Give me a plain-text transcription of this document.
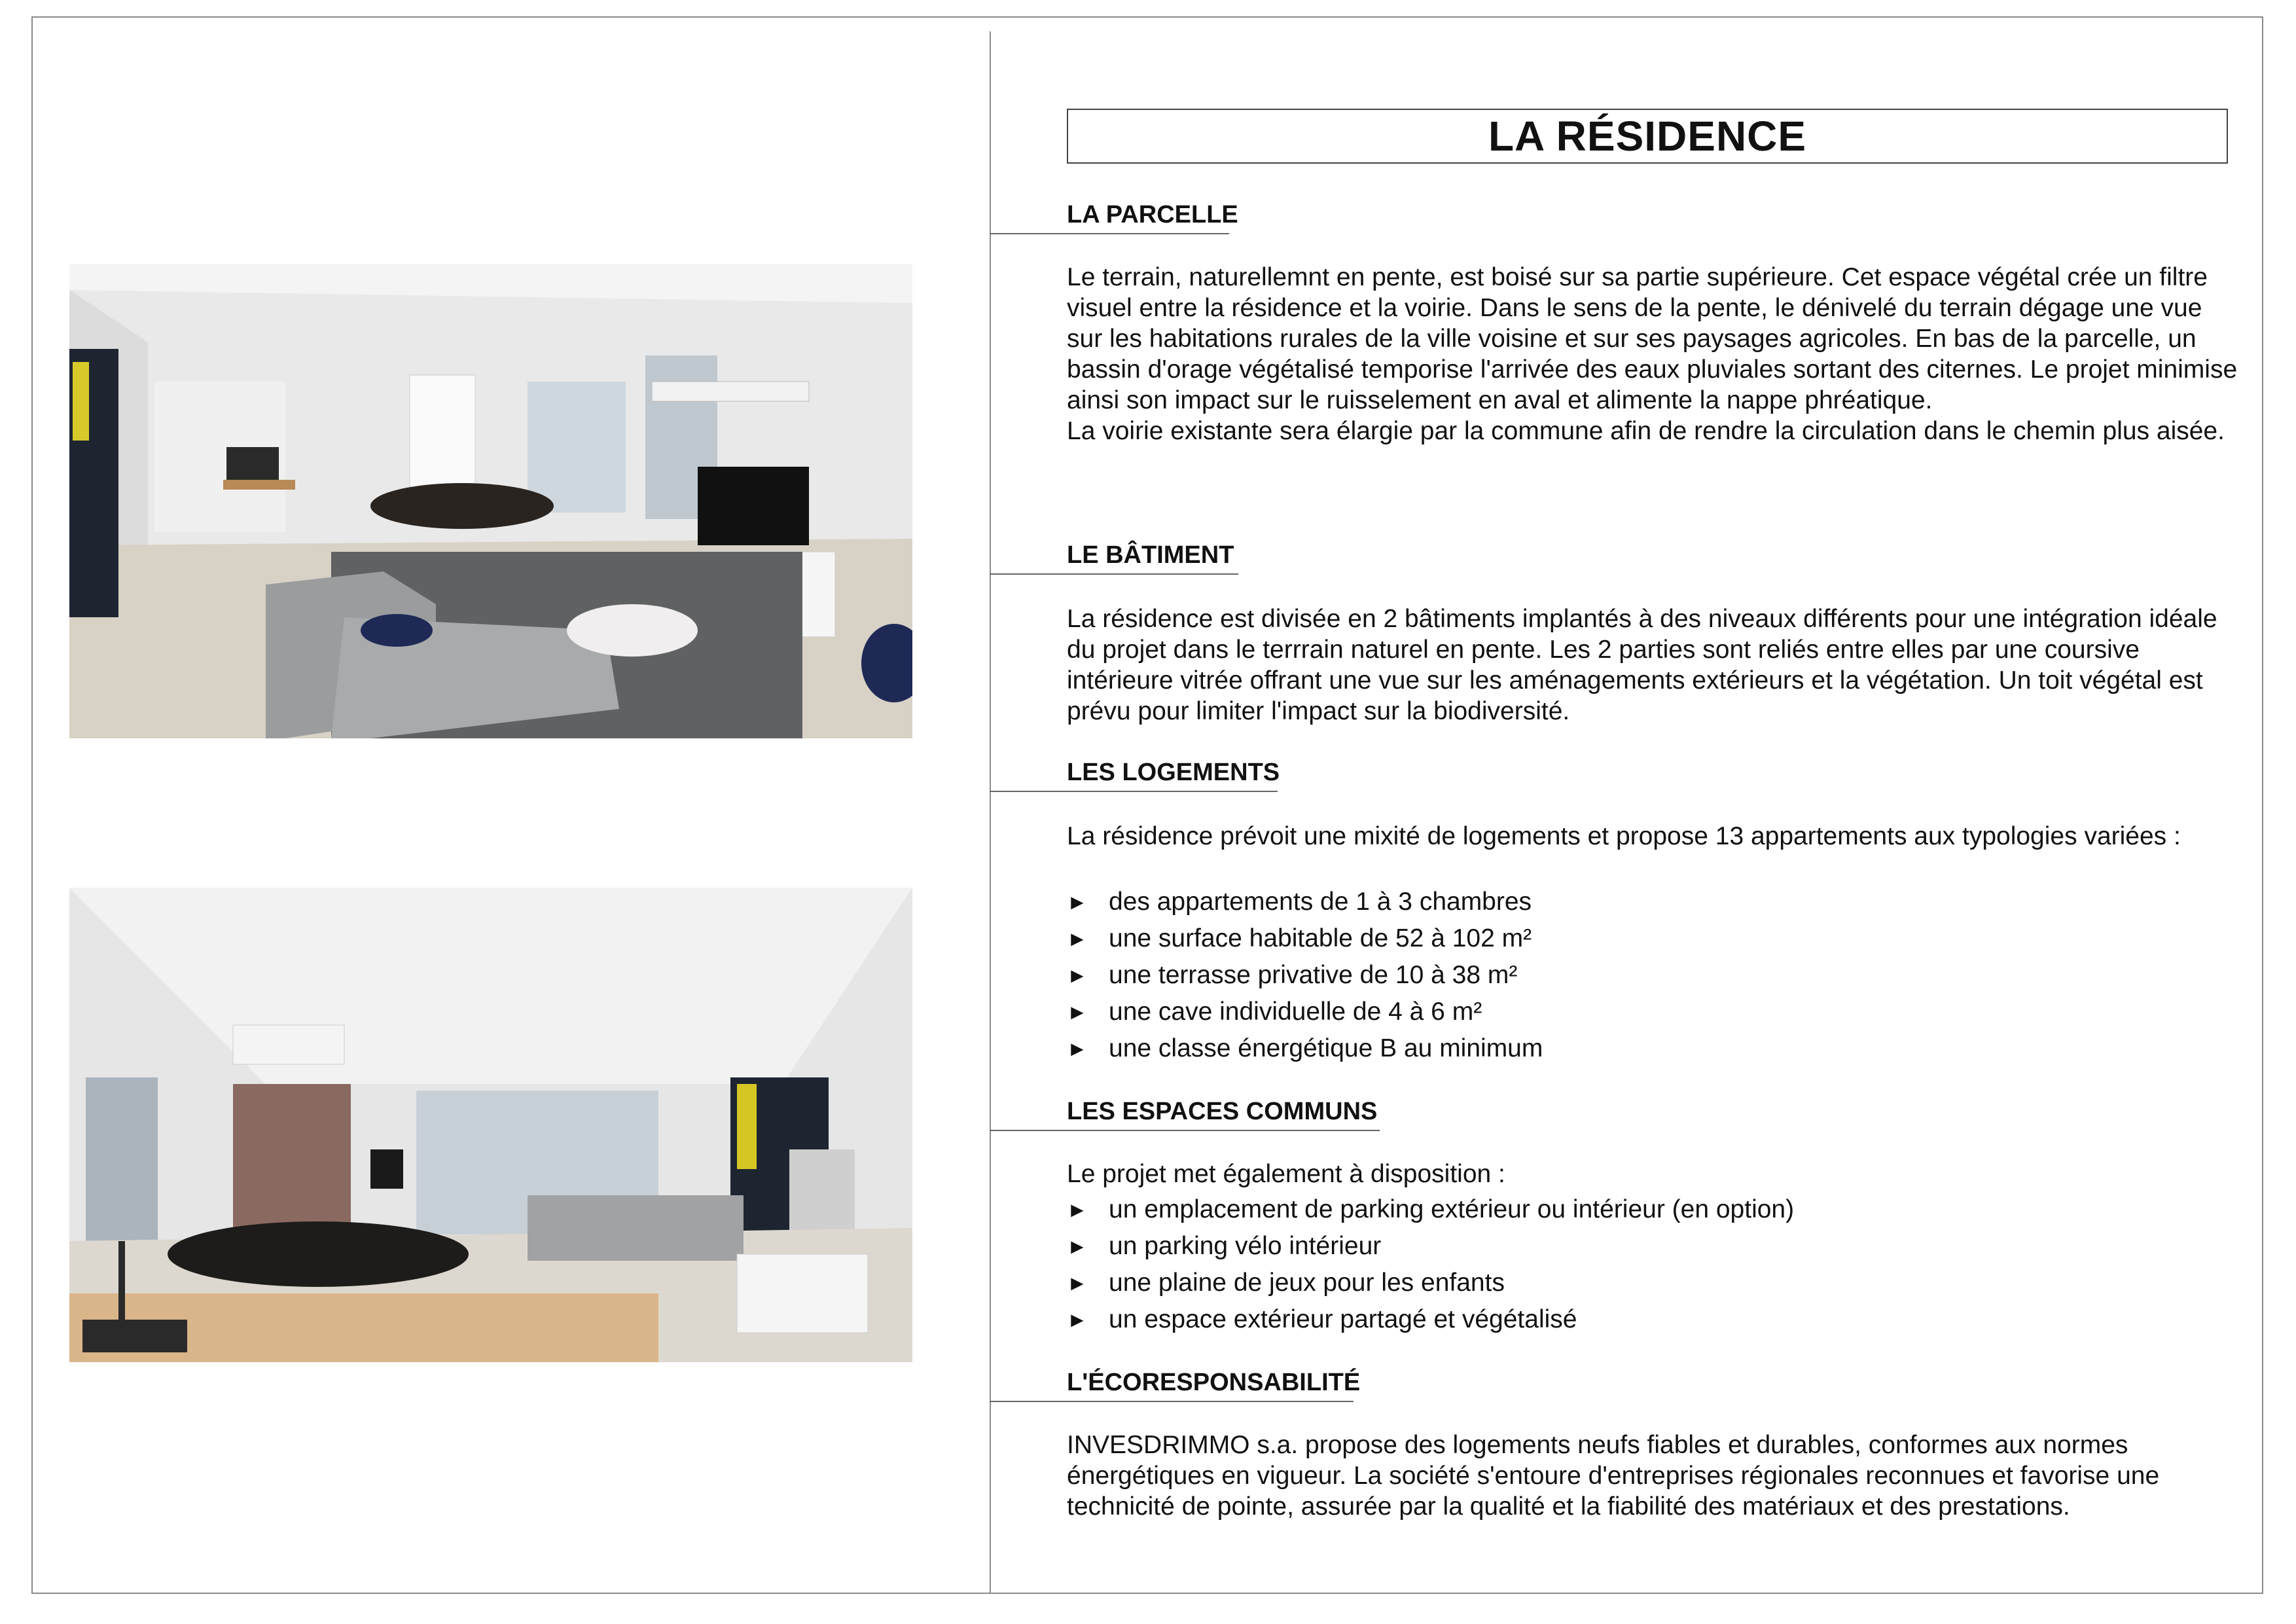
LA RÉSIDENCE
LA PARCELLE

Le terrain, naturellemnt en pente, est boisé sur sa partie supérieure. Cet espace végétal crée un filtre visuel entre la résidence et la voirie. Dans le sens de la pente, le dénivelé du terrain dégage une vue sur les habitations rurales de la ville voisine et sur ses paysages agricoles. En bas de la parcelle, un bassin d'orage végétalisé temporise l'arrivée des eaux pluviales sortant des citernes. Le projet minimise ainsi son impact sur le ruisselement en aval et alimente la nappe phréatique.

La voirie existante sera élargie par la commune afin de rendre la circulation dans le chemin plus aisée.

LE BÂTIMENT

La résidence est divisée en 2 bâtiments implantés à des niveaux différents pour une intégration idéale du projet dans le terrrain naturel en pente. Les 2 parties sont reliés entre elles par une coursive intérieure vitrée offrant une vue sur les aménagements extérieurs et la végétation. Un toit végétal est prévu pour limiter l'impact sur la biodiversité.

LES LOGEMENTS

La résidence prévoit une mixité de logements et propose 13 appartements aux typologies variées :

► des appartements de 1 à 3 chambres
► une surface habitable de 52 à 102 m²
► une terrasse privative de 10 à 38 m²
► une cave individuelle de 4 à 6 m²
► une classe énergétique B au minimum
LES ESPACES COMMUNS

Le projet met également à disposition :

► un emplacement de parking extérieur ou intérieur (en option)
► un parking vélo intérieur
► une plaine de jeux pour les enfants
► un espace extérieur partagé et végétalisé
L'ÉCORESPONSABILITÉ

INVESDRIMMO s.a. propose des logements neufs fiables et durables, conformes aux normes énergétiques en vigueur. La société s'entoure d'entreprises régionales reconnues et favorise une technicité de pointe, assurée par la qualité et la fiabilité des matériaux et des prestations.
